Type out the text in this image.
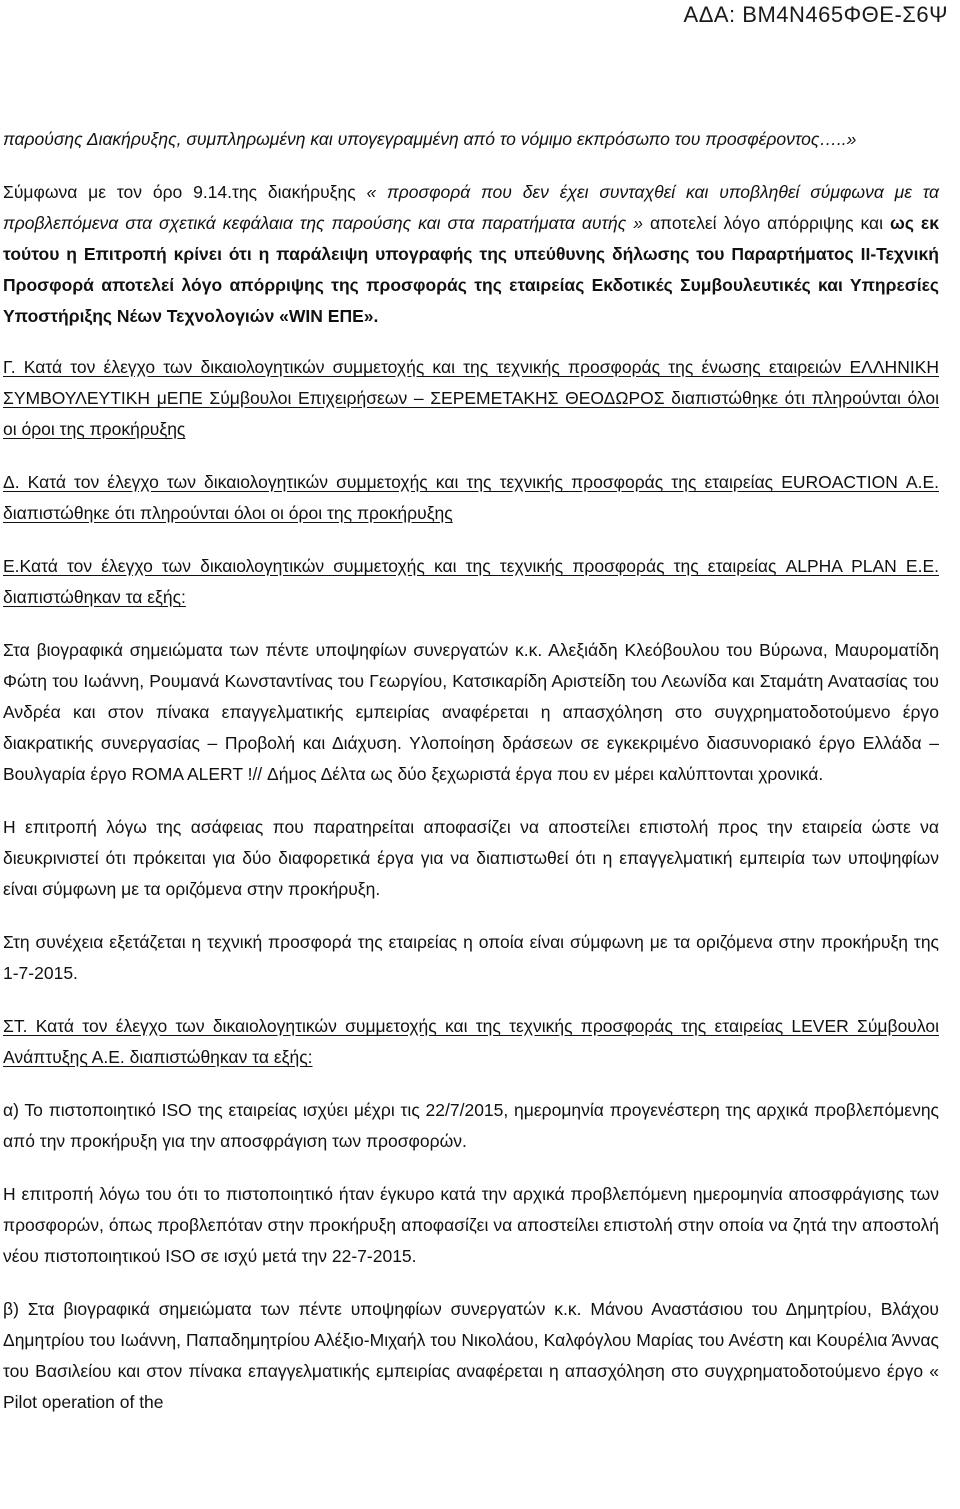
ΑΔΑ: ΒΜ4Ν465ΦΘΕ-Σ6Ψ

παρούσης Διακήρυξης, συμπληρωμένη και υπογεγραμμένη από το νόμιμο εκπρόσωπο του προσφέροντος…..»

Σύμφωνα με τον όρο 9.14.της διακήρυξης « προσφορά που δεν έχει συνταχθεί και υποβληθεί σύμφωνα με τα προβλεπόμενα στα σχετικά κεφάλαια της παρούσης και στα παρατήματα αυτής » αποτελεί λόγο απόρριψης και ως εκ τούτου η Επιτροπή κρίνει ότι η παράλειψη υπογραφής της υπεύθυνης δήλωσης του Παραρτήματος ΙΙ-Τεχνική Προσφορά αποτελεί λόγο απόρριψης της προσφοράς της εταιρείας Εκδοτικές Συμβουλευτικές και Υπηρεσίες Υποστήριξης Νέων Τεχνολογιών «WIN ΕΠΕ».

Γ. Κατά τον έλεγχο των δικαιολογητικών συμμετοχής και της τεχνικής προσφοράς της ένωσης εταιρειών ΕΛΛΗΝΙΚΗ ΣΥΜΒΟΥΛΕΥΤΙΚΗ μΕΠΕ Σύμβουλοι Επιχειρήσεων – ΣΕΡΕΜΕΤΑΚΗΣ ΘΕΟΔΩΡΟΣ διαπιστώθηκε ότι πληρούνται όλοι οι όροι της προκήρυξης

Δ. Κατά τον έλεγχο των δικαιολογητικών συμμετοχής και της τεχνικής προσφοράς της εταιρείας EUROACTION Α.Ε. διαπιστώθηκε ότι πληρούνται όλοι οι όροι της προκήρυξης

Ε.Κατά τον έλεγχο των δικαιολογητικών συμμετοχής και της τεχνικής προσφοράς της εταιρείας ALPHA PLAN Ε.Ε. διαπιστώθηκαν τα εξής:

Στα βιογραφικά σημειώματα των πέντε υποψηφίων συνεργατών κ.κ. Αλεξιάδη Κλεόβουλου του Βύρωνα, Μαυροματίδη Φώτη του Ιωάννη, Ρουμανά Κωνσταντίνας του Γεωργίου, Κατσικαρίδη Αριστείδη του Λεωνίδα και Σταμάτη Ανατασίας του Ανδρέα και στον πίνακα επαγγελματικής εμπειρίας αναφέρεται η απασχόληση στο συγχρηματοδοτούμενο έργο διακρατικής συνεργασίας – Προβολή και Διάχυση. Υλοποίηση δράσεων σε εγκεκριμένο διασυνοριακό έργο Ελλάδα – Βουλγαρία έργο ROMA ALERT !// Δήμος Δέλτα ως δύο ξεχωριστά έργα που εν μέρει καλύπτονται χρονικά.

Η επιτροπή λόγω της ασάφειας που παρατηρείται αποφασίζει να αποστείλει επιστολή προς την εταιρεία ώστε να διευκρινιστεί ότι πρόκειται για δύο διαφορετικά έργα για να διαπιστωθεί ότι η επαγγελματική εμπειρία των υποψηφίων είναι σύμφωνη με τα οριζόμενα στην προκήρυξη.

Στη συνέχεια εξετάζεται η τεχνική προσφορά της εταιρείας η οποία είναι σύμφωνη με τα οριζόμενα στην προκήρυξη της 1-7-2015.

ΣΤ. Κατά τον έλεγχο των δικαιολογητικών συμμετοχής και της τεχνικής προσφοράς της εταιρείας LEVER Σύμβουλοι Ανάπτυξης Α.Ε. διαπιστώθηκαν τα εξής:

α) Το πιστοποιητικό ISO της εταιρείας ισχύει μέχρι τις 22/7/2015, ημερομηνία προγενέστερη της αρχικά προβλεπόμενης από την προκήρυξη για την αποσφράγιση των προσφορών.

Η επιτροπή λόγω του ότι το πιστοποιητικό ήταν έγκυρο κατά την αρχικά προβλεπόμενη ημερομηνία αποσφράγισης των προσφορών, όπως προβλεπόταν στην προκήρυξη αποφασίζει να αποστείλει επιστολή στην οποία να ζητά την αποστολή νέου πιστοποιητικού ISO σε ισχύ μετά την 22-7-2015.

β) Στα βιογραφικά σημειώματα των πέντε υποψηφίων συνεργατών κ.κ. Μάνου Αναστάσιου του Δημητρίου, Βλάχου Δημητρίου του Ιωάννη, Παπαδημητρίου Αλέξιο-Μιχαήλ του Νικολάου, Καλφόγλου Μαρίας του Ανέστη και Κουρέλια Άννας του Βασιλείου και στον πίνακα επαγγελματικής εμπειρίας αναφέρεται η απασχόληση στο συγχρηματοδοτούμενο έργο « Pilot operation of the
